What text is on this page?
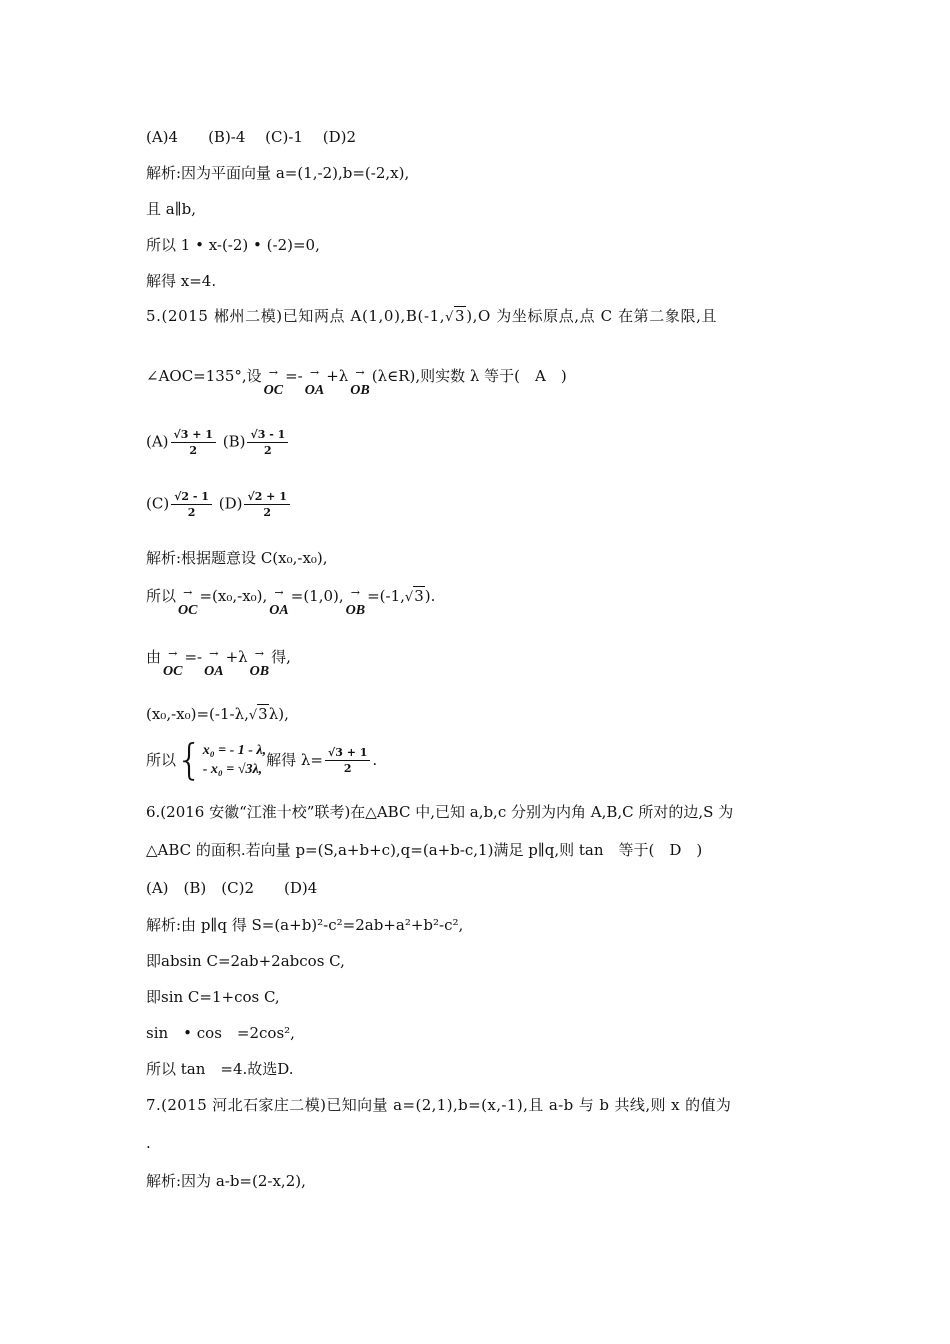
(A)4　　(B)-4　 (C)-1　 (D)2
解析:因为平面向量 a=(1,-2),b=(-2,x),
且 a∥b,
所以 1 • x-(-2) • (-2)=0,
解得 x=4.
5.(2015 郴州二模)已知两点 A(1,0),B(-1,√3),O 为坐标原点,点 C 在第二象限,且
∠AOC=135°,设 →
OC
=- →
OA
+λ →
OB
(λ∈R),则实数 λ 等于(　A　)
$(A) \frac{√3 + 1}{2} (B) \frac{√3 - 1}{2}$
$(C) \frac{√2 - 1}{2} (D) \frac{√2 + 1}{2}$
解析:根据题意设 C(x₀,-x₀),
所以 →
OC
=(x₀,-x₀), →
OA
=(1,0), →
OB
=(-1,√3).
由 →
OC
=- →
OA
+λ →
OB
得,
(x₀,-x₀)=(-1-λ,√3λ),
所以{ x₀ = - 1 - λ,
- x₀ = √3λ,
解得 $\lambda= \frac{√3 + 1}{2}$ .
6.(2016 安徽“江淮十校”联考)在△ABC 中,已知 a,b,c 分别为内角 A,B,C 所对的边,S 为
△ABC 的面积.若向量 p=(S,a+b+c),q=(a+b-c,1)满足 p∥q,则 tan　等于(　D　)
(A)　(B)　(C)2　　(D)4
解析:由 p∥q 得 S=(a+b)²-c²=2ab+a²+b²-c²,
即absin C=2ab+2abcos C,
即sin C=1+cos C,
sin　• cos　=2cos²,
所以 tan　=4.故选D.
7.(2015 河北石家庄二模)已知向量 a=(2,1),b=(x,-1),且 a-b 与 b 共线,则 x 的值为
.
解析:因为 a-b=(2-x,2),
